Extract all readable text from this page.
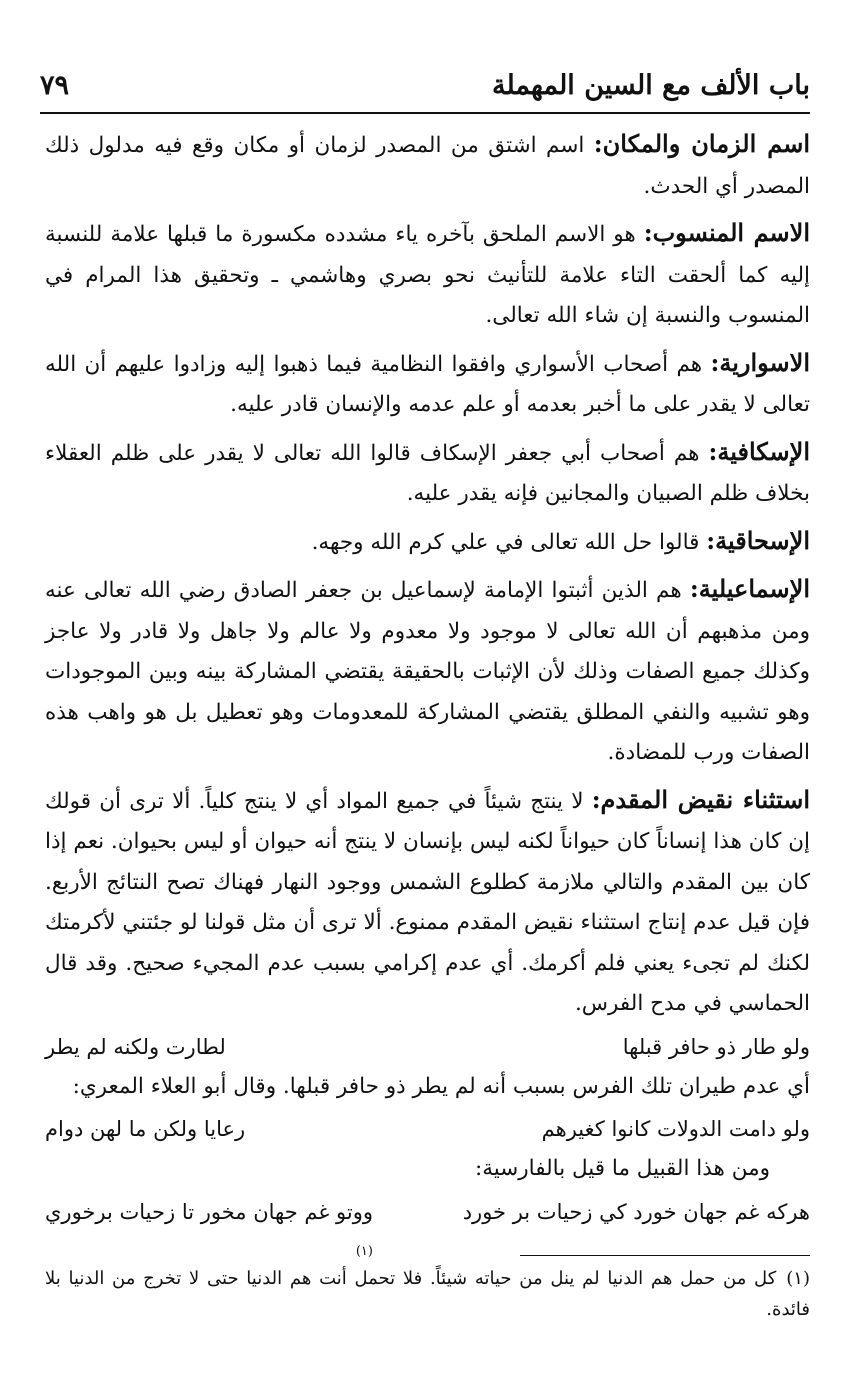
باب الألف مع السين المهملة
٧٩

اسم الزمان والمكان: اسم اشتق من المصدر لزمان أو مكان وقع فيه مدلول ذلك المصدر أي الحدث.

الاسم المنسوب: هو الاسم الملحق بآخره ياء مشدده مكسورة ما قبلها علامة للنسبة إليه كما ألحقت التاء علامة للتأنيث نحو بصري وهاشمي ـ وتحقيق هذا المرام في المنسوب والنسبة إن شاء الله تعالى.

الاسوارية: هم أصحاب الأسواري وافقوا النظامية فيما ذهبوا إليه وزادوا عليهم أن الله تعالى لا يقدر على ما أخبر بعدمه أو علم عدمه والإنسان قادر عليه.

الإسكافية: هم أصحاب أبي جعفر الإسكاف قالوا الله تعالى لا يقدر على ظلم العقلاء بخلاف ظلم الصبيان والمجانين فإنه يقدر عليه.

الإسحاقية: قالوا حل الله تعالى في علي كرم الله وجهه.

الإسماعيلية: هم الذين أثبتوا الإمامة لإسماعيل بن جعفر الصادق رضي الله تعالى عنه ومن مذهبهم أن الله تعالى لا موجود ولا معدوم ولا عالم ولا جاهل ولا قادر ولا عاجز وكذلك جميع الصفات وذلك لأن الإثبات بالحقيقة يقتضي المشاركة بينه وبين الموجودات وهو تشبيه والنفي المطلق يقتضي المشاركة للمعدومات وهو تعطيل بل هو واهب هذه الصفات ورب للمضادة.

استثناء نقيض المقدم: لا ينتج شيئاً في جميع المواد أي لا ينتج كلياً. ألا ترى أن قولك إن كان هذا إنساناً كان حيواناً لكنه ليس بإنسان لا ينتج أنه حيوان أو ليس بحيوان. نعم إذا كان بين المقدم والتالي ملازمة كطلوع الشمس ووجود النهار فهناك تصح النتائج الأربع. فإن قيل عدم إنتاج استثناء نقيض المقدم ممنوع. ألا ترى أن مثل قولنا لو جئتني لأكرمتك لكنك لم تجىء يعني فلم أكرمك. أي عدم إكرامي بسبب عدم المجيء صحيح. وقد قال الحماسي في مدح الفرس.

ولو طار ذو حافر قبلها
لطارت ولكنه لم يطر

أي عدم طيران تلك الفرس بسبب أنه لم يطر ذو حافر قبلها. وقال أبو العلاء المعري:

ولو دامت الدولات كانوا كغيرهم
رعايا ولكن ما لهن دوام

ومن هذا القبيل ما قيل بالفارسية:

هركه غم جهان خورد كي زحيات بر خورد
ووتو غم جهان مخور تا زحيات برخوري
$^{(١)}$
(١)كل من حمل هم الدنيا لم ينل من حياته شيئاً. فلا تحمل أنت هم الدنيا حتى لا تخرج من الدنيا بلا فائدة.
